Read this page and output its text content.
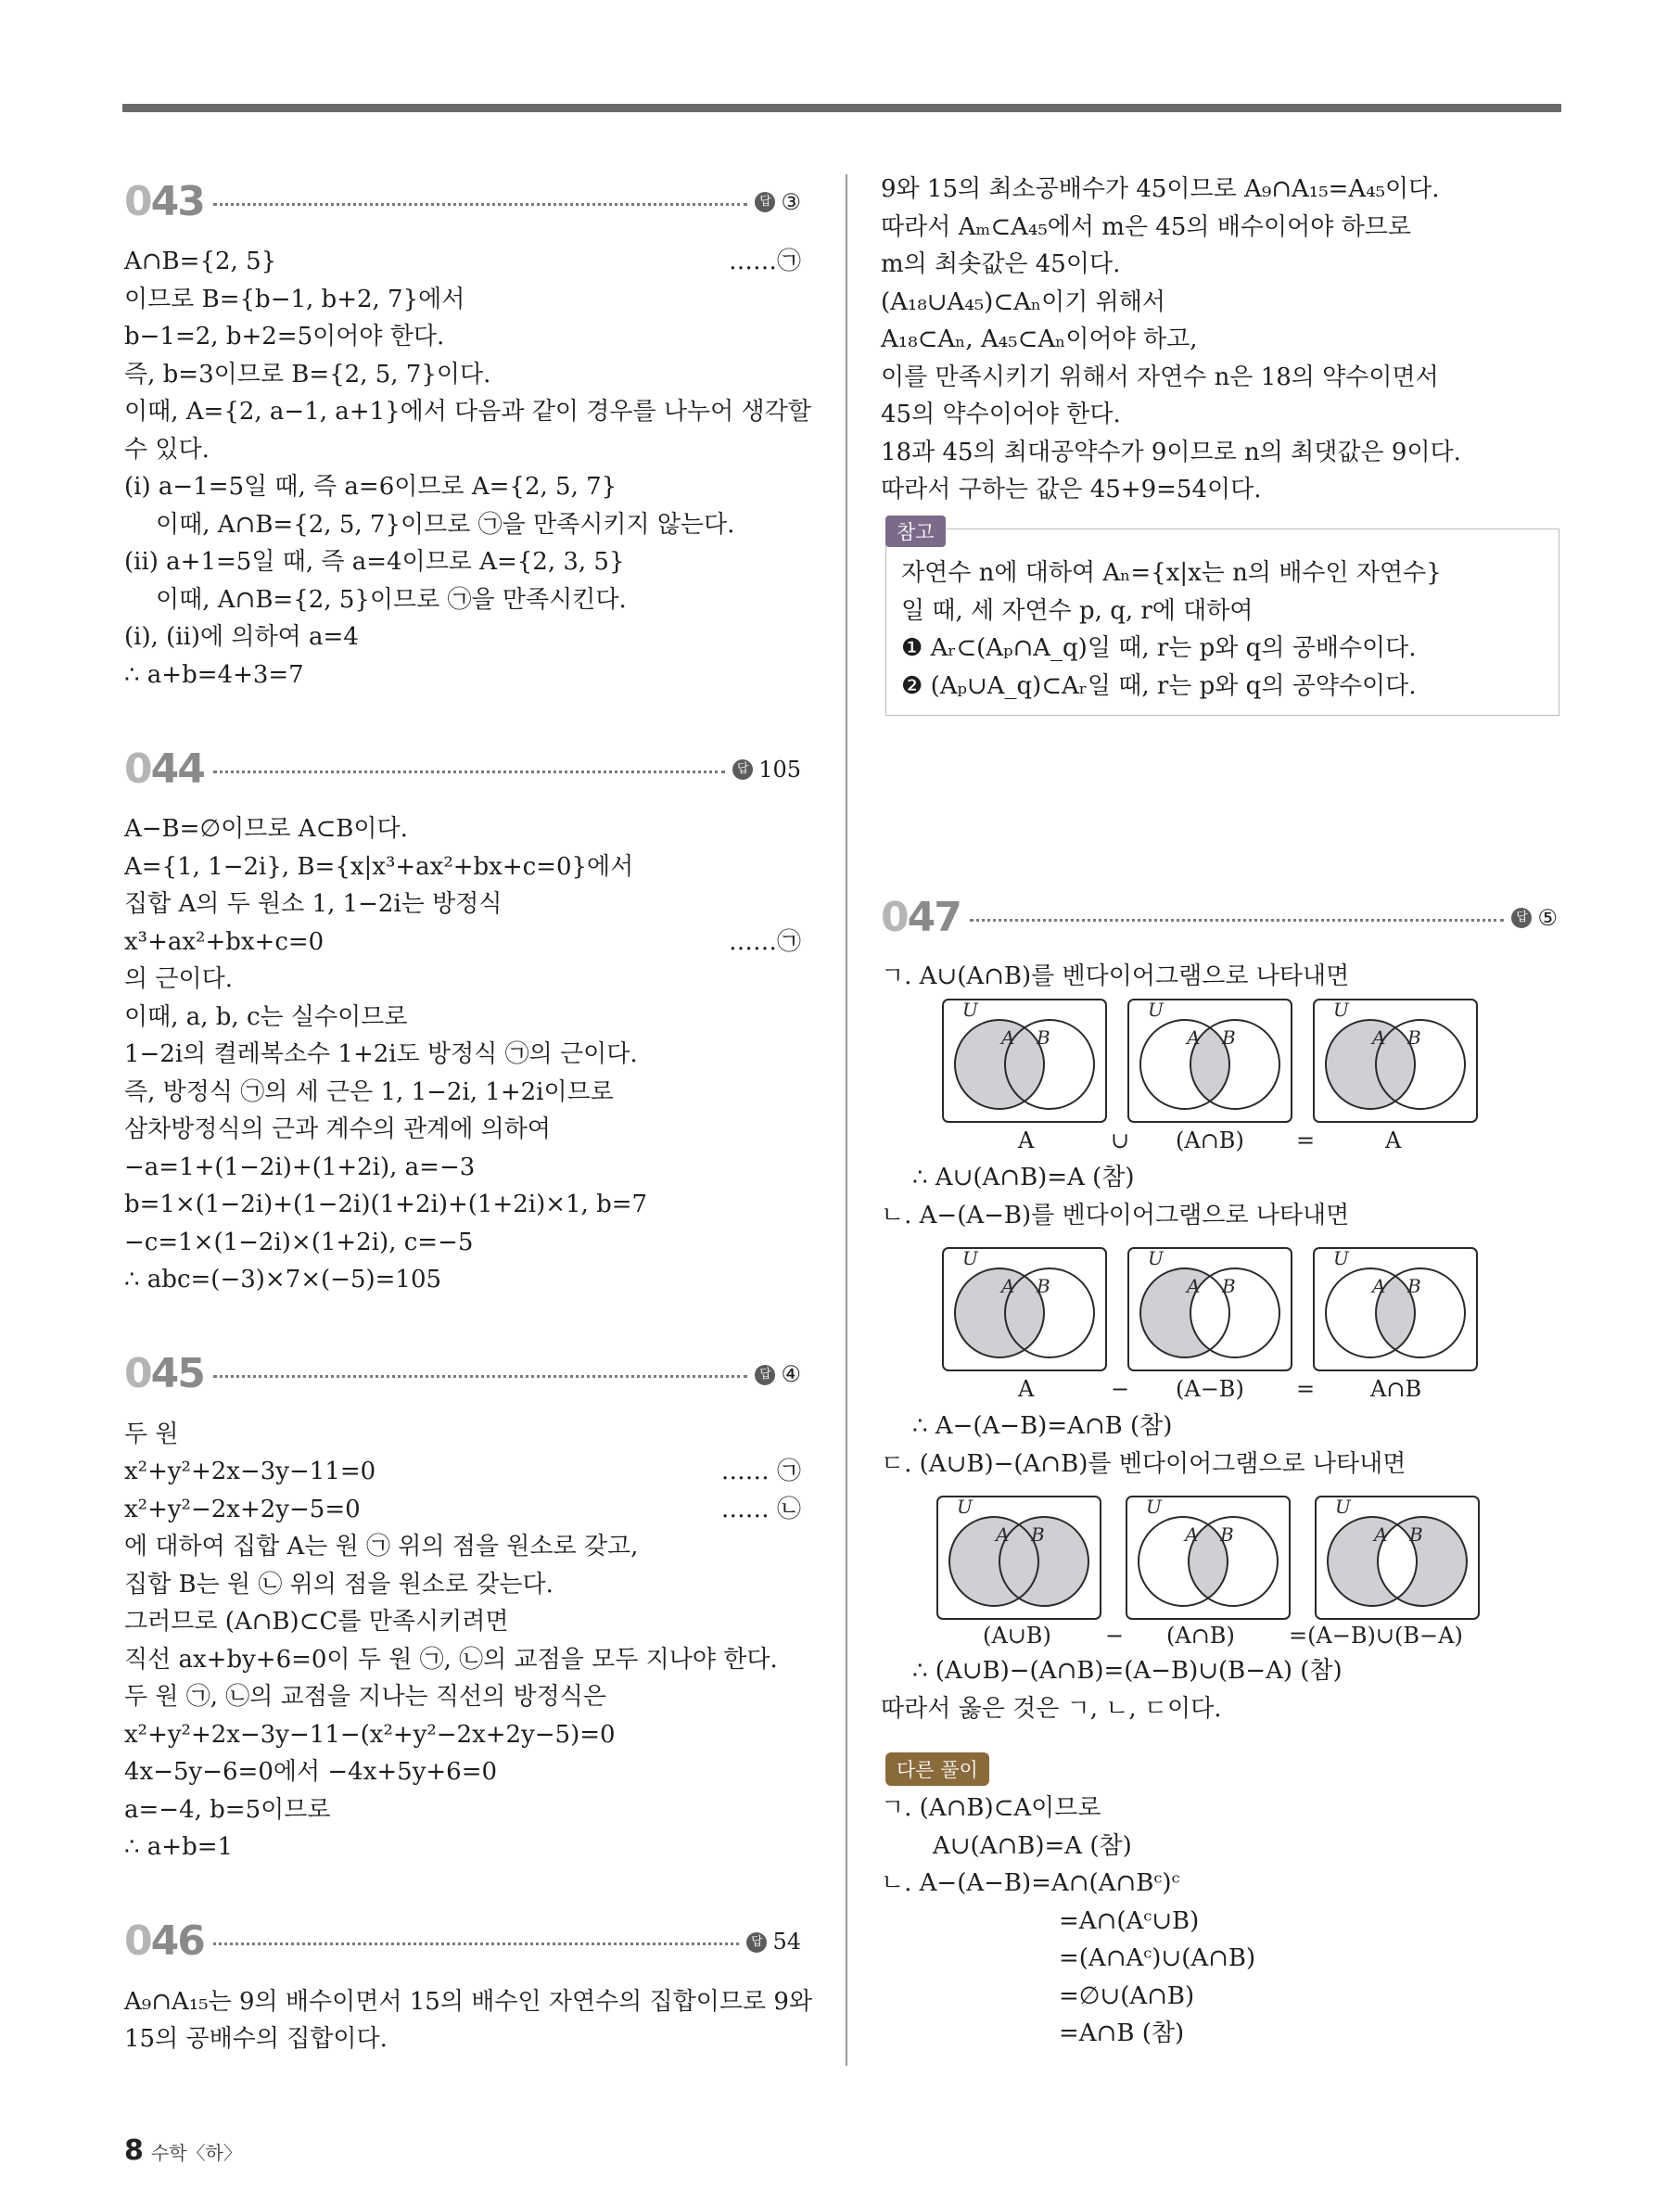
043	답 ③
A∩B={2, 5}	……㉠
이므로 B={b−1, b+2, 7}에서
b−1=2, b+2=5이어야 한다.
즉, b=3이므로 B={2, 5, 7}이다.
이때, A={2, a−1, a+1}에서 다음과 같이 경우를 나누어 생각할
수 있다.
(ⅰ) a−1=5일 때, 즉 a=6이므로 A={2, 5, 7}
이때, A∩B={2, 5, 7}이므로 ㉠을 만족시키지 않는다.
(ⅱ) a+1=5일 때, 즉 a=4이므로 A={2, 3, 5}
이때, A∩B={2, 5}이므로 ㉠을 만족시킨다.
(ⅰ), (ⅱ)에 의하여 a=4
∴ a+b=4+3=7
044	답 105
A−B=∅이므로 A⊂B이다.
A={1, 1−2i}, B={x|x³+ax²+bx+c=0}에서
집합 A의 두 원소 1, 1−2i는 방정식
x³+ax²+bx+c=0	……㉠
의 근이다.
이때, a, b, c는 실수이므로
1−2i의 켤레복소수 1+2i도 방정식 ㉠의 근이다.
즉, 방정식 ㉠의 세 근은 1, 1−2i, 1+2i이므로
삼차방정식의 근과 계수의 관계에 의하여
−a=1+(1−2i)+(1+2i), a=−3
b=1×(1−2i)+(1−2i)(1+2i)+(1+2i)×1, b=7
−c=1×(1−2i)×(1+2i), c=−5
∴ abc=(−3)×7×(−5)=105
045	답 ④
두 원
x²+y²+2x−3y−11=0	…… ㉠
x²+y²−2x+2y−5=0	…… ㉡
에 대하여 집합 A는 원 ㉠ 위의 점을 원소로 갖고,
집합 B는 원 ㉡ 위의 점을 원소로 갖는다.
그러므로 (A∩B)⊂C를 만족시키려면
직선 ax+by+6=0이 두 원 ㉠, ㉡의 교점을 모두 지나야 한다.
두 원 ㉠, ㉡의 교점을 지나는 직선의 방정식은
x²+y²+2x−3y−11−(x²+y²−2x+2y−5)=0
4x−5y−6=0에서 −4x+5y+6=0
a=−4, b=5이므로
∴ a+b=1
046	답 54
A₉∩A₁₅는 9의 배수이면서 15의 배수인 자연수의 집합이므로 9와
15의 공배수의 집합이다.
9와 15의 최소공배수가 45이므로 A₉∩A₁₅=A₄₅이다.
따라서 Aₘ⊂A₄₅에서 m은 45의 배수이어야 하므로
m의 최솟값은 45이다.
(A₁₈∪A₄₅)⊂Aₙ이기 위해서
A₁₈⊂Aₙ, A₄₅⊂Aₙ이어야 하고,
이를 만족시키기 위해서 자연수 n은 18의 약수이면서
45의 약수이어야 한다.
18과 45의 최대공약수가 9이므로 n의 최댓값은 9이다.
따라서 구하는 값은 45+9=54이다.
참고
자연수 n에 대하여 Aₙ={x|x는 n의 배수인 자연수}
일 때, 세 자연수 p, q, r에 대하여
❶ Aᵣ⊂(Aₚ∩A_q)일 때, r는 p와 q의 공배수이다.
❷ (Aₚ∪A_q)⊂Aᵣ일 때, r는 p와 q의 공약수이다.
047	답 ⑤
ㄱ. A∪(A∩B)를 벤다이어그램으로 나타내면
U
A B
U
A B
U
A B
A	∪ (A∩B) =	A
∴ A∪(A∩B)=A (참)
ㄴ. A−(A−B)를 벤다이어그램으로 나타내면
U
A B
U
A B
U
A B
A	− (A−B) = A∩B
∴ A−(A−B)=A∩B (참)
ㄷ. (A∪B)−(A∩B)를 벤다이어그램으로 나타내면
U
A B
U
A B
U
A B
(A∪B) − (A∩B) =(A−B)∪(B−A)
∴ (A∪B)−(A∩B)=(A−B)∪(B−A) (참)
따라서 옳은 것은 ㄱ, ㄴ, ㄷ이다.
다른 풀이
ㄱ. (A∩B)⊂A이므로
A∪(A∩B)=A (참)
ㄴ. A−(A−B)=A∩(A∩Bᶜ)ᶜ
=A∩(Aᶜ∪B)
=(A∩Aᶜ)∪(A∩B)
=∅∪(A∩B)
=A∩B (참)
8 수학〈하〉
